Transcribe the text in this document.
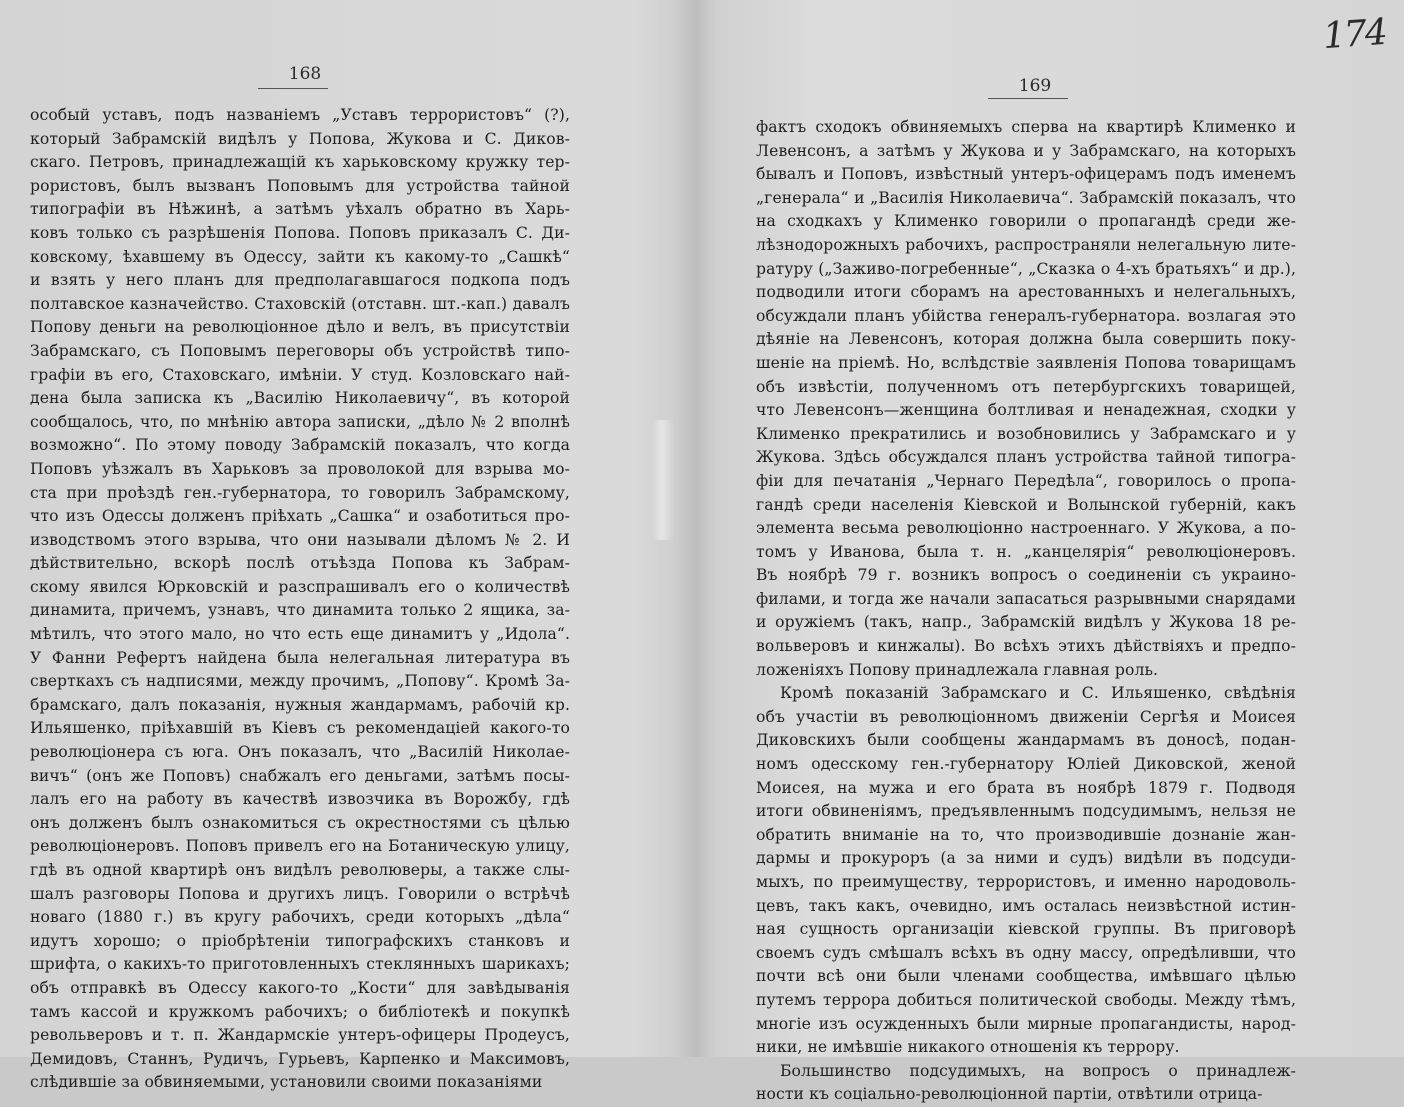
174
168
особый уставъ, подъ названіемъ „Уставъ террористовъ“ (?),
который Забрамскій видѣлъ у Попова, Жукова и С. Диков-
скаго. Петровъ, принадлежащій къ харьковскому кружку тер-
рористовъ, былъ вызванъ Поповымъ для устройства тайной
типографіи въ Нѣжинѣ, а затѣмъ уѣхалъ обратно въ Харь-
ковъ только съ разрѣшенія Попова. Поповъ приказалъ С. Ди-
ковскому, ѣхавшему въ Одессу, зайти къ какому-то „Сашкѣ“
и взять у него планъ для предполагавшагося подкопа подъ
полтавское казначейство. Стаховскій (отставн. шт.-кап.) давалъ
Попову деньги на революціонное дѣло и велъ, въ присутствіи
Забрамскаго, съ Поповымъ переговоры объ устройствѣ типо-
графіи въ его, Стаховскаго, имѣніи. У студ. Козловскаго най-
дена была записка къ „Василію Николаевичу“, въ которой
сообщалось, что, по мнѣнію автора записки, „дѣло № 2 вполнѣ
возможно“. По этому поводу Забрамскій показалъ, что когда
Поповъ уѣзжалъ въ Харьковъ за проволокой для взрыва мо-
ста при проѣздѣ ген.-губернатора, то говорилъ Забрамскому,
что изъ Одессы долженъ пріѣхать „Сашка“ и озаботиться про-
изводствомъ этого взрыва, что они называли дѣломъ № 2. И
дѣйствительно, вскорѣ послѣ отъѣзда Попова къ Забрам-
скому явился Юрковскій и разспрашивалъ его о количествѣ
динамита, причемъ, узнавъ, что динамита только 2 ящика, за-
мѣтилъ, что этого мало, но что есть еще динамитъ у „Идола“.
У Фанни Рефертъ найдена была нелегальная литература въ
сверткахъ съ надписями, между прочимъ, „Попову“. Кромѣ За-
брамскаго, далъ показанія, нужныя жандармамъ, рабочій кр.
Ильяшенко, пріѣхавшій въ Кіевъ съ рекомендаціей какого-то
революціонера съ юга. Онъ показалъ, что „Василій Николае-
вичъ“ (онъ же Поповъ) снабжалъ его деньгами, затѣмъ посы-
лалъ его на работу въ качествѣ извозчика въ Ворожбу, гдѣ
онъ долженъ былъ ознакомиться съ окрестностями съ цѣлью
революціонеровъ. Поповъ привелъ его на Ботаническую улицу,
гдѣ въ одной квартирѣ онъ видѣлъ революверы, а также слы-
шалъ разговоры Попова и другихъ лицъ. Говорили о встрѣчѣ
новаго (1880 г.) въ кругу рабочихъ, среди которыхъ „дѣла“
идутъ хорошо; о пріобрѣтеніи типографскихъ станковъ и
шрифта, о какихъ-то приготовленныхъ стеклянныхъ шарикахъ;
объ отправкѣ въ Одессу какого-то „Кости“ для завѣдыванія
тамъ кассой и кружкомъ рабочихъ; о библіотекѣ и покупкѣ
револьверовъ и т. п. Жандармскіе унтеръ-офицеры Продеусъ,
Демидовъ, Станнъ, Рудичъ, Гурьевъ, Карпенко и Максимовъ,
слѣдившіе за обвиняемыми, установили своими показаніями
169
фактъ сходокъ обвиняемыхъ сперва на квартирѣ Клименко и
Левенсонъ, а затѣмъ у Жукова и у Забрамскаго, на которыхъ
бывалъ и Поповъ, извѣстный унтеръ-офицерамъ подъ именемъ
„генерала“ и „Василія Николаевича“. Забрамскій показалъ, что
на сходкахъ у Клименко говорили о пропагандѣ среди же-
лѣзнодорожныхъ рабочихъ, распространяли нелегальную лите-
ратуру („Заживо-погребенные“, „Сказка о 4-хъ братьяхъ“ и др.),
подводили итоги сборамъ на арестованныхъ и нелегальныхъ,
обсуждали планъ убійства генералъ-губернатора. возлагая это
дѣяніе на Левенсонъ, которая должна была совершить поку-
шеніе на пріемѣ. Но, вслѣдствіе заявленія Попова товарищамъ
объ извѣстіи, полученномъ отъ петербургскихъ товарищей,
что Левенсонъ—женщина болтливая и ненадежная, сходки у
Клименко прекратились и возобновились у Забрамскаго и у
Жукова. Здѣсь обсуждался планъ устройства тайной типогра-
фіи для печатанія „Чернаго Передѣла“, говорилось о пропа-
гандѣ среди населенія Кіевской и Волынской губерній, какъ
элемента весьма революціонно настроеннаго. У Жукова, а по-
томъ у Иванова, была т. н. „канцелярія“ революціонеровъ.
Въ ноябрѣ 79 г. возникъ вопросъ о соединеніи съ украино-
филами, и тогда же начали запасаться разрывными снарядами
и оружіемъ (такъ, напр., Забрамскій видѣлъ у Жукова 18 ре-
вольверовъ и кинжалы). Во всѣхъ этихъ дѣйствіяхъ и предпо-
ложеніяхъ Попову принадлежала главная роль.
Кромѣ показаній Забрамскаго и С. Ильяшенко, свѣдѣнія
объ участіи въ революціонномъ движеніи Сергѣя и Моисея
Диковскихъ были сообщены жандармамъ въ доносѣ, подан-
номъ одесскому ген.-губернатору Юліей Диковской, женой
Моисея, на мужа и его брата въ ноябрѣ 1879 г. Подводя
итоги обвиненіямъ, предъявленнымъ подсудимымъ, нельзя не
обратить вниманіе на то, что производившіе дознаніе жан-
дармы и прокуроръ (а за ними и судъ) видѣли въ подсуди-
мыхъ, по преимуществу, террористовъ, и именно народоволь-
цевъ, такъ какъ, очевидно, имъ осталась неизвѣстной истин-
ная сущность организаціи кіевской группы. Въ приговорѣ
своемъ судъ смѣшалъ всѣхъ въ одну массу, опредѣливши, что
почти всѣ они были членами сообщества, имѣвшаго цѣлью
путемъ террора добиться политической свободы. Между тѣмъ,
многіе изъ осужденныхъ были мирные пропагандисты, народ-
ники, не имѣвшіе никакого отношенія къ террору.
Большинство подсудимыхъ, на вопросъ о принадлеж-
ности къ соціально-революціонной партіи, отвѣтили отрица-
